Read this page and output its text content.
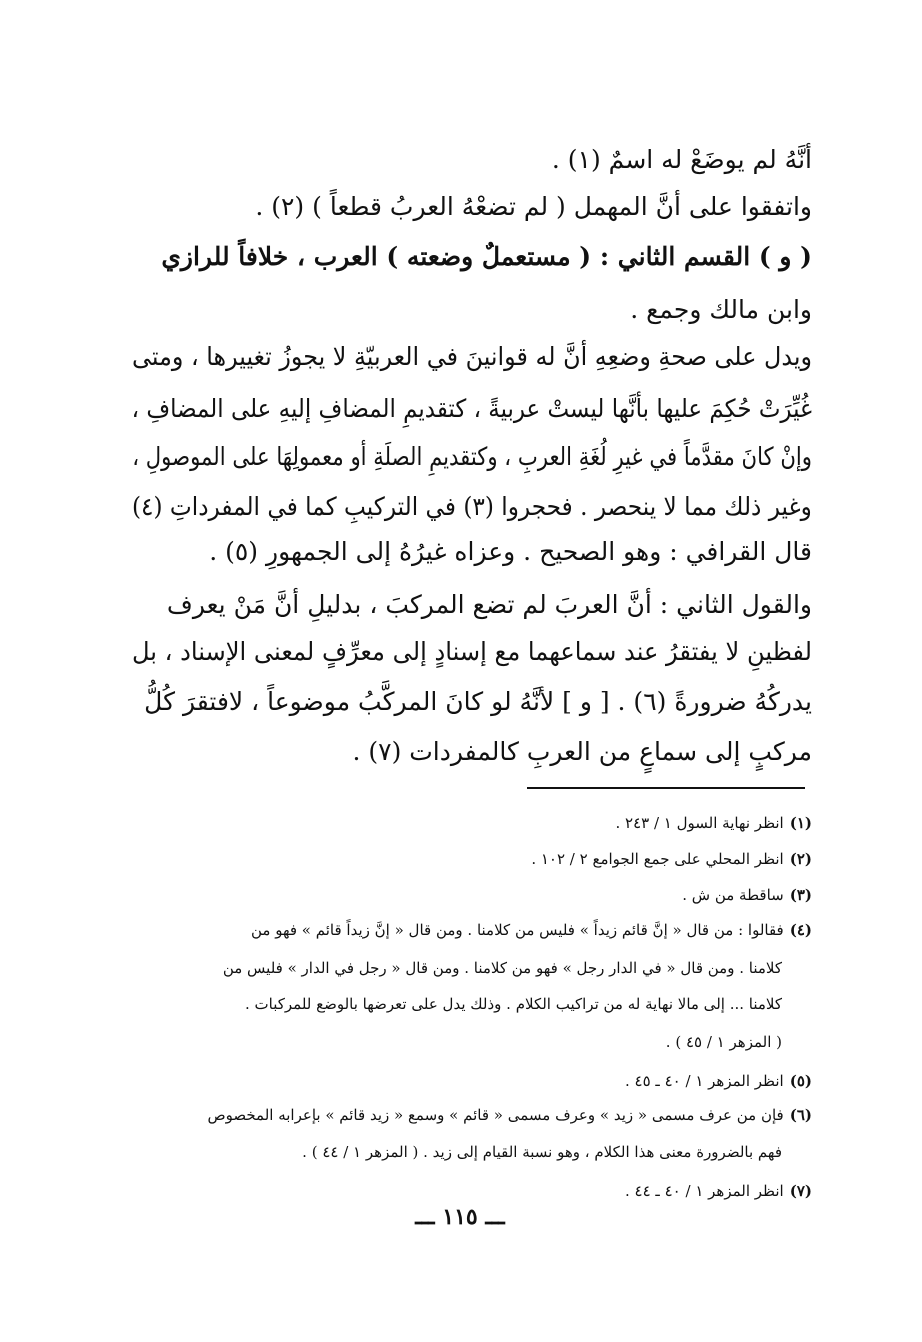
أنَّهُ لم يوضَعْ له اسمٌ (١) .
واتفقوا على أنَّ المهمل ( لم تضعْهُ العربُ قطعاً ) (٢) .
( و ) القسم الثاني : ( مستعملٌ وضعته ) العرب ، خلافاً للرازي
وابن مالك وجمع .
ويدل على صحةِ وضعِهِ أنَّ له قوانينَ في العربيّةِ لا يجوزُ تغييرها ، ومتى
غُيِّرَتْ حُكِمَ عليها بأنَّها ليستْ عربيةً ، كتقديمِ المضافِ إليهِ على المضافِ ،
وإنْ كانَ مقدَّماً في غيرِ لُغَةِ العربِ ، وكتقديمِ الصلَةِ أو معمولِهَا على الموصولِ ،
وغير ذلك مما لا ينحصر . فحجروا (٣) في التركيبِ كما في المفرداتِ (٤)
قال القرافي : وهو الصحيح . وعزاه غيرُهُ إلى الجمهورِ (٥) .
والقول الثاني : أنَّ العربَ لم تضع المركبَ ، بدليلِ أنَّ مَنْ يعرف
لفظينِ لا يفتقرُ عند سماعهما مع إسنادٍ إلى معرِّفٍ لمعنى الإسناد ، بل
يدركُهُ ضرورةً (٦) . [ و ] لأنَّهُ لو كانَ المركَّبُ موضوعاً ، لافتقرَ كُلُّ
مركبٍ إلى سماعٍ من العربِ كالمفردات (٧) .
(١)انظر نهاية السول ١ / ٢٤٣ .
(٢)انظر المحلي على جمع الجوامع ٢ / ١٠٢ .
(٣)ساقطة من ش .
(٤)فقالوا : من قال « إنَّ قائم زيداً » فليس من كلامنا . ومن قال « إنَّ زيداً قائم » فهو من
كلامنا . ومن قال « في الدار رجل » فهو من كلامنا . ومن قال « رجل في الدار » فليس من
كلامنا ... إلى مالا نهاية له من تراكيب الكلام . وذلك يدل على تعرضها بالوضع للمركبات .
( المزهر ١ / ٤٥ ) .
(٥)انظر المزهر ١ / ٤٠ ـ ٤٥ .
(٦)فإن من عرف مسمى « زيد » وعرف مسمى « قائم » وسمع « زيد قائم » بإعرابه المخصوص
فهم بالضرورة معنى هذا الكلام ، وهو نسبة القيام إلى زيد . ( المزهر ١ / ٤٤ ) .
(٧)انظر المزهر ١ / ٤٠ ـ ٤٤ .
ـــ ١١٥ ـــ
